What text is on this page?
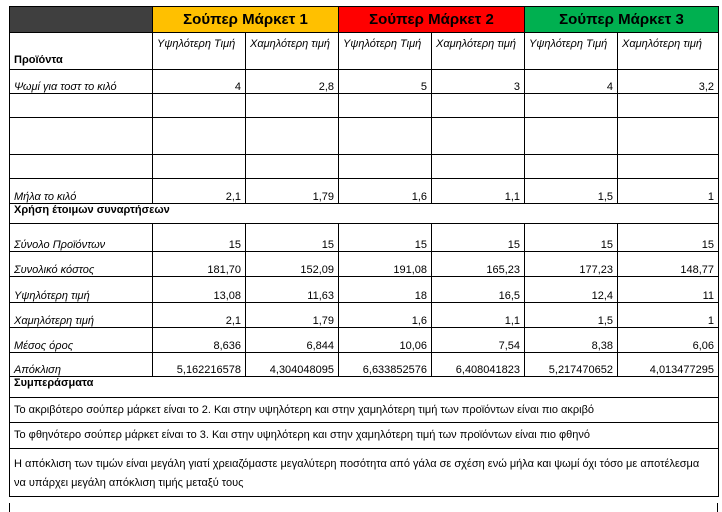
	Σούπερ Μάρκετ 1		Σούπερ Μάρκετ 2		Σούπερ Μάρκετ 3	
Προϊόντα	Υψηλότερη Τιμή	Χαμηλότερη τιμή	Υψηλότερη Τιμή	Χαμηλότερη τιμή	Υψηλότερη Τιμή	Χαμηλότερη τιμή
Ψωμί για τοστ το κιλό	4	2,8	5	3	4	3,2

Μήλα το κιλό	2,1	1,79	1,6	1,1	1,5	1
Χρήση έτοιμων συναρτήσεων						
Σύνολο Προϊόντων	15	15	15	15	15	15
Συνολικό κόστος	181,70	152,09	191,08	165,23	177,23	148,77
Υψηλότερη τιμή	13,08	11,63	18	16,5	12,4	11
Χαμηλότερη τιμή	2,1	1,79	1,6	1,1	1,5	1
Μέσος όρος	8,636	6,844	10,06	7,54	8,38	6,06
Απόκλιση	5,162216578	4,304048095	6,633852576	6,408041823	5,217470652	4,013477295
Συμπεράσματα						
Το ακριβότερο σούπερ μάρκετ είναι το 2. Και στην υψηλότερη και στην χαμηλότερη τιμή των προϊόντων είναι πιο ακριβό						
Το φθηνότερο σούπερ μάρκετ είναι το 3. Και στην υψηλότερη και στην χαμηλότερη τιμή των προϊόντων είναι πιο φθηνό						
Η απόκλιση των τιμών είναι μεγάλη γιατί χρειαζόμαστε μεγαλύτερη ποσότητα από γάλα σε σχέση ενώ μήλα και ψωμί όχι τόσο με αποτέλεσμα να υπάρχει μεγάλη απόκλιση τιμής μεταξύ τους						
